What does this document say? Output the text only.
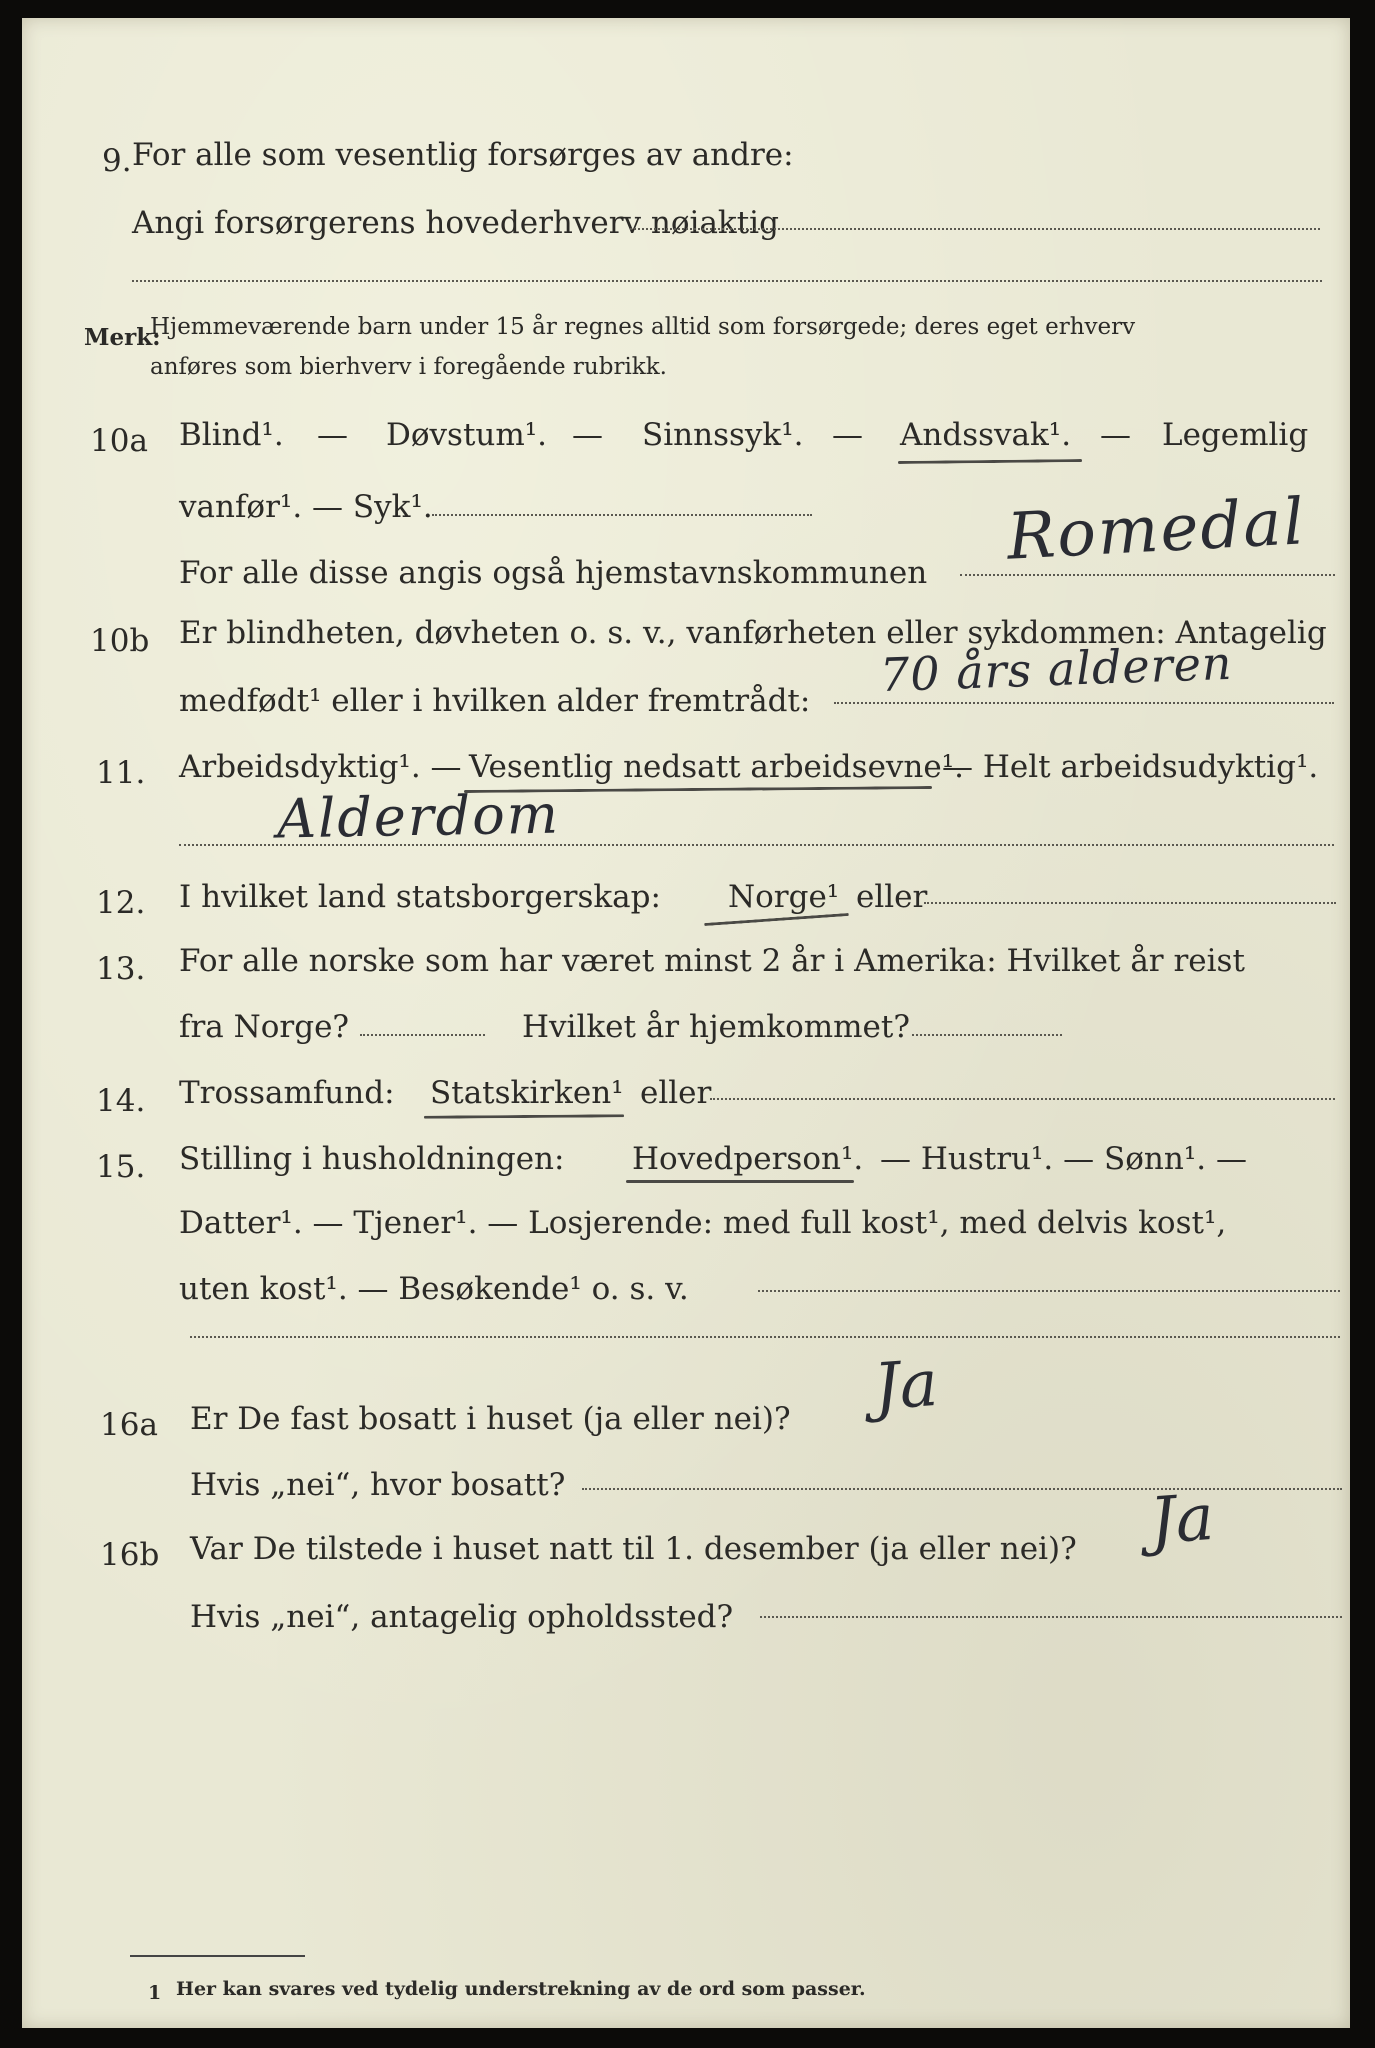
9. For alle som vesentlig forsørges av andre:
Angi forsørgerens hovederhverv nøiaktig
Merk:
Hjemmeværende barn under 15 år regnes alltid som forsørgede; deres eget erhverv
anføres som bierhverv i foregående rubrikk.
10a Blind¹. — Døvstum¹. — Sinnssyk¹. — Andssvak¹. — Legemlig
vanfør¹. — Syk¹.
For alle disse angis også hjemstavnskommunen Romedal
10b Er blindheten, døvheten o. s. v., vanførheten eller sykdommen: Antagelig
medfødt¹ eller i hvilken alder fremtrådt: 70 års alderen
11. Arbeidsdyktig¹. — Vesentlig nedsatt arbeidsevne¹.
— Helt arbeidsudyktig¹.
Alderdom
12. I hvilket land statsborgerskap: Norge¹ eller
13. For alle norske som har været minst 2 år i Amerika: Hvilket år reist
fra Norge?	Hvilket år hjemkommet?
14. Trossamfund: Statskirken¹ eller
15. Stilling i husholdningen: Hovedperson¹. — Hustru¹. — Sønn¹. —
Datter¹. — Tjener¹. — Losjerende: med full kost¹, med delvis kost¹,
uten kost¹. — Besøkende¹ o. s. v.
16a Er De fast bosatt i huset (ja eller nei)? Ja
Hvis „nei“, hvor bosatt?
16b Var De tilstede i huset natt til 1. desember (ja eller nei)? Ja
Hvis „nei“, antagelig opholdssted?
1 Her kan svares ved tydelig understrekning av de ord som passer.
